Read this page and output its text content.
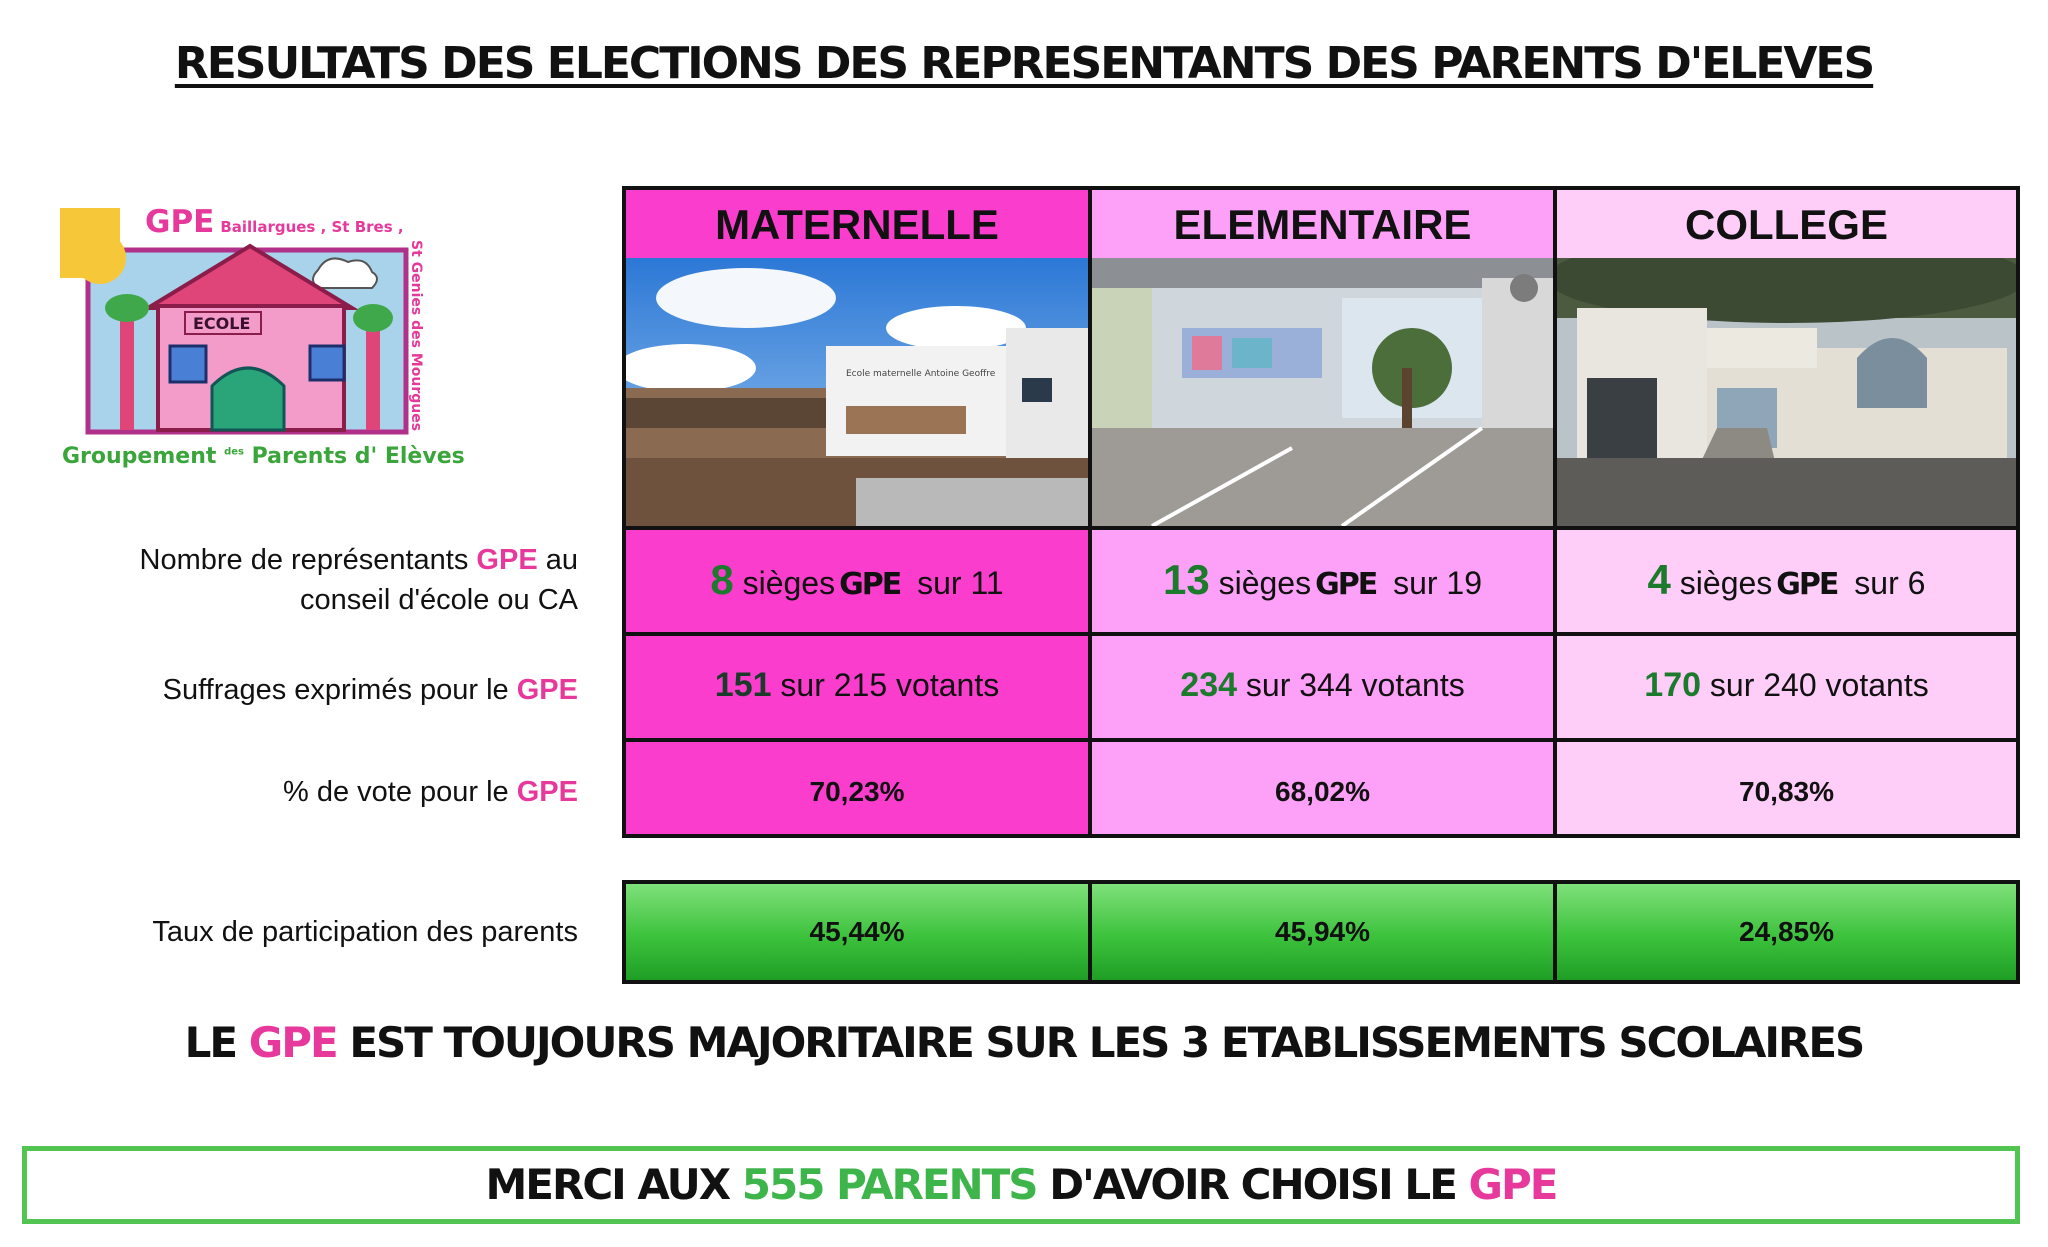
RESULTATS DES ELECTIONS DES REPRESENTANTS DES PARENTS D'ELEVES
ECOLE
GPE Baillargues , St Bres ,
St Genies des Mourgues
Groupement $^{des}$ Parents d' Elèves
MATERNELLE	ELEMENTAIRE	COLLEGE
Ecole maternelle Antoine Geoffre
Nombre de représentants GPE au
conseil d'école ou CA
Suffrages exprimés pour le GPE
% de vote pour le GPE
Taux de participation des parents
8 sièges GPE sur 11	13 sièges GPE sur 19	4 sièges GPE sur 6
151 sur 215 votants	234 sur 344 votants	170 sur 240 votants
70,23%	68,02%	70,83%
45,44%	45,94%	24,85%
LE GPE EST TOUJOURS MAJORITAIRE SUR LES 3 ETABLISSEMENTS SCOLAIRES
MERCI AUX 555 PARENTS D'AVOIR CHOISI LE GPE
